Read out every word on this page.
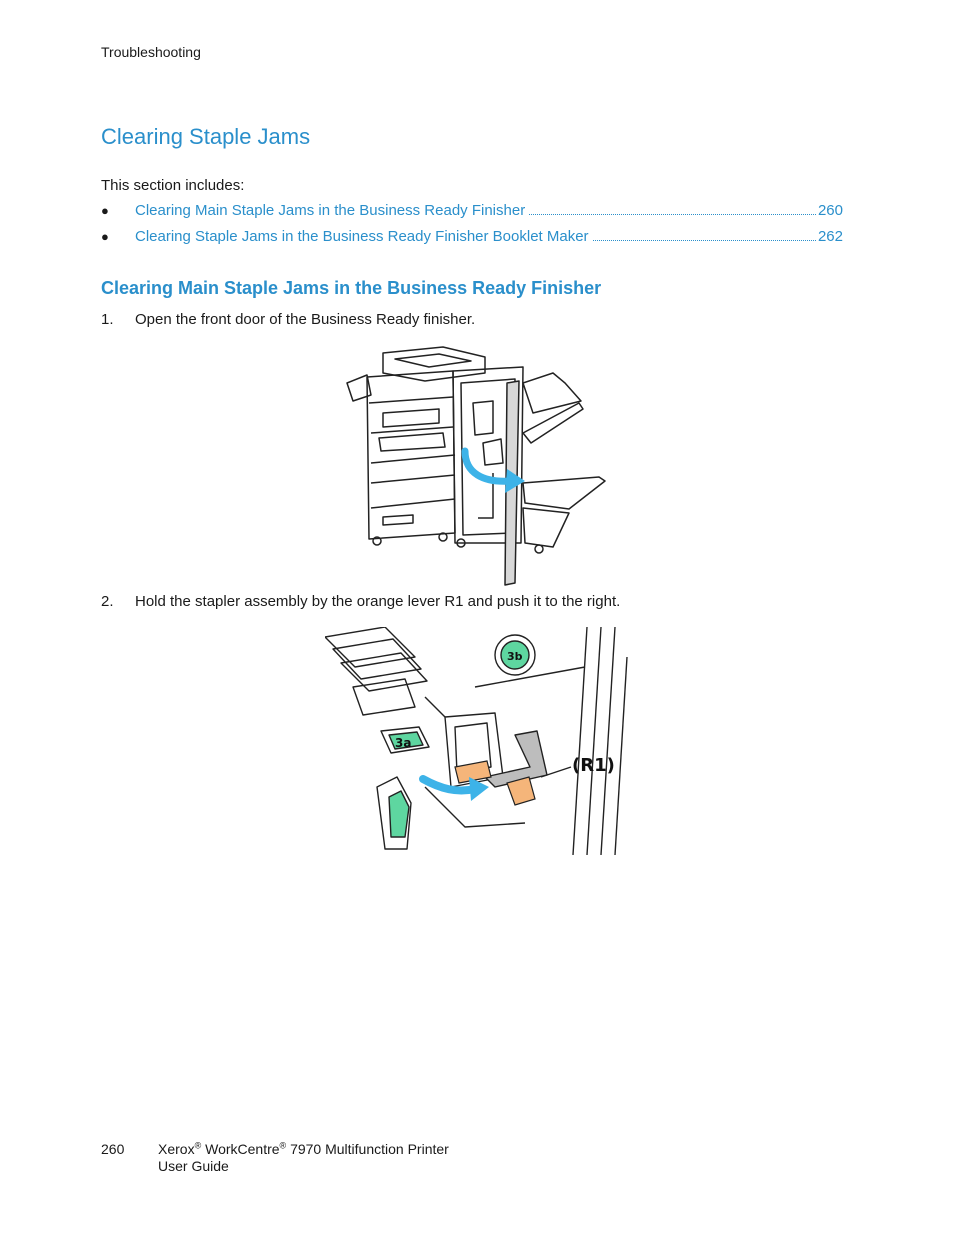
Troubleshooting
Clearing Staple Jams
This section includes:
●	Clearing Main Staple Jams in the Business Ready Finisher	260
●	Clearing Staple Jams in the Business Ready Finisher Booklet Maker	262
Clearing Main Staple Jams in the Business Ready Finisher
1.	Open the front door of the Business Ready finisher.
2.	Hold the stapler assembly by the orange lever R1 and push it to the right.
3a
3b
(R1)
260 Xerox® WorkCentre® 7970 Multifunction Printer
User Guide
